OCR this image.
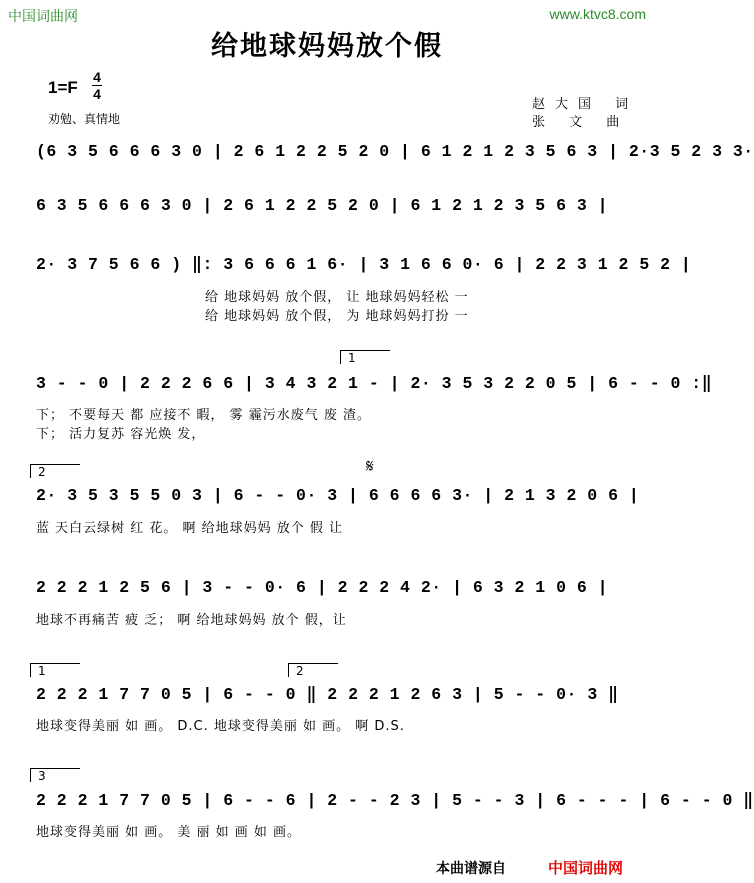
中国词曲网	www.ktvc8.com
给地球妈妈放个假
1=F
4
4
劝勉、真情地
赵大国 词
张 文 曲
(6 3 5 6 6 6 3 0 | 2 6 1 2 2 5 2 0 | 6 1 2 1 2 3 5 6 3 | 2·3 5 2 3 3·
6 3 5 6 6 6 3 0 | 2 6 1 2 2 5 2 0 | 6 1 2 1 2 3 5 6 3 |
2· 3 7 5 6 6 ) ‖: 3 6 6 6 1 6· | 3 1 6 6 0· 6 | 2 2 3 1 2 5 2 |
给 地球妈妈 放个假， 让 地球妈妈轻松 一
给 地球妈妈 放个假， 为 地球妈妈打扮 一
1
3 - - 0 | 2 2 2 6 6 | 3 4 3 2 1 - | 2· 3 5 3 2 2 0 5 | 6 - - 0 :‖
下； 不要每天 都 应接不 暇， 雾 霾污水废气 废 渣。
下； 活力复苏 容光焕 发，
2	𝄋
2· 3 5 3 5 5 0 3 | 6 - - 0· 3 | 6 6 6 6 3· | 2 1 3 2 0 6 |
蓝 天白云绿树 红 花。 啊 给地球妈妈 放个 假 让
2 2 2 1 2 5 6 | 3 - - 0· 6 | 2 2 2 4 2· | 6 3 2 1 0 6 |
地球不再痛苦 疲 乏； 啊 给地球妈妈 放个 假，让
1	2
2 2 2 1 7 7 0 5 | 6 - - 0 ‖ 2 2 2 1 2 6 3 | 5 - - 0· 3 ‖
地球变得美丽 如 画。 D.C. 地球变得美丽 如 画。 啊 D.S.
3
2 2 2 1 7 7 0 5 | 6 - - 6 | 2 - - 2 3 | 5 - - 3 | 6 - - - | 6 - - 0 ‖
地球变得美丽 如 画。 美 丽 如 画 如 画。
本曲谱源自	中国词曲网
